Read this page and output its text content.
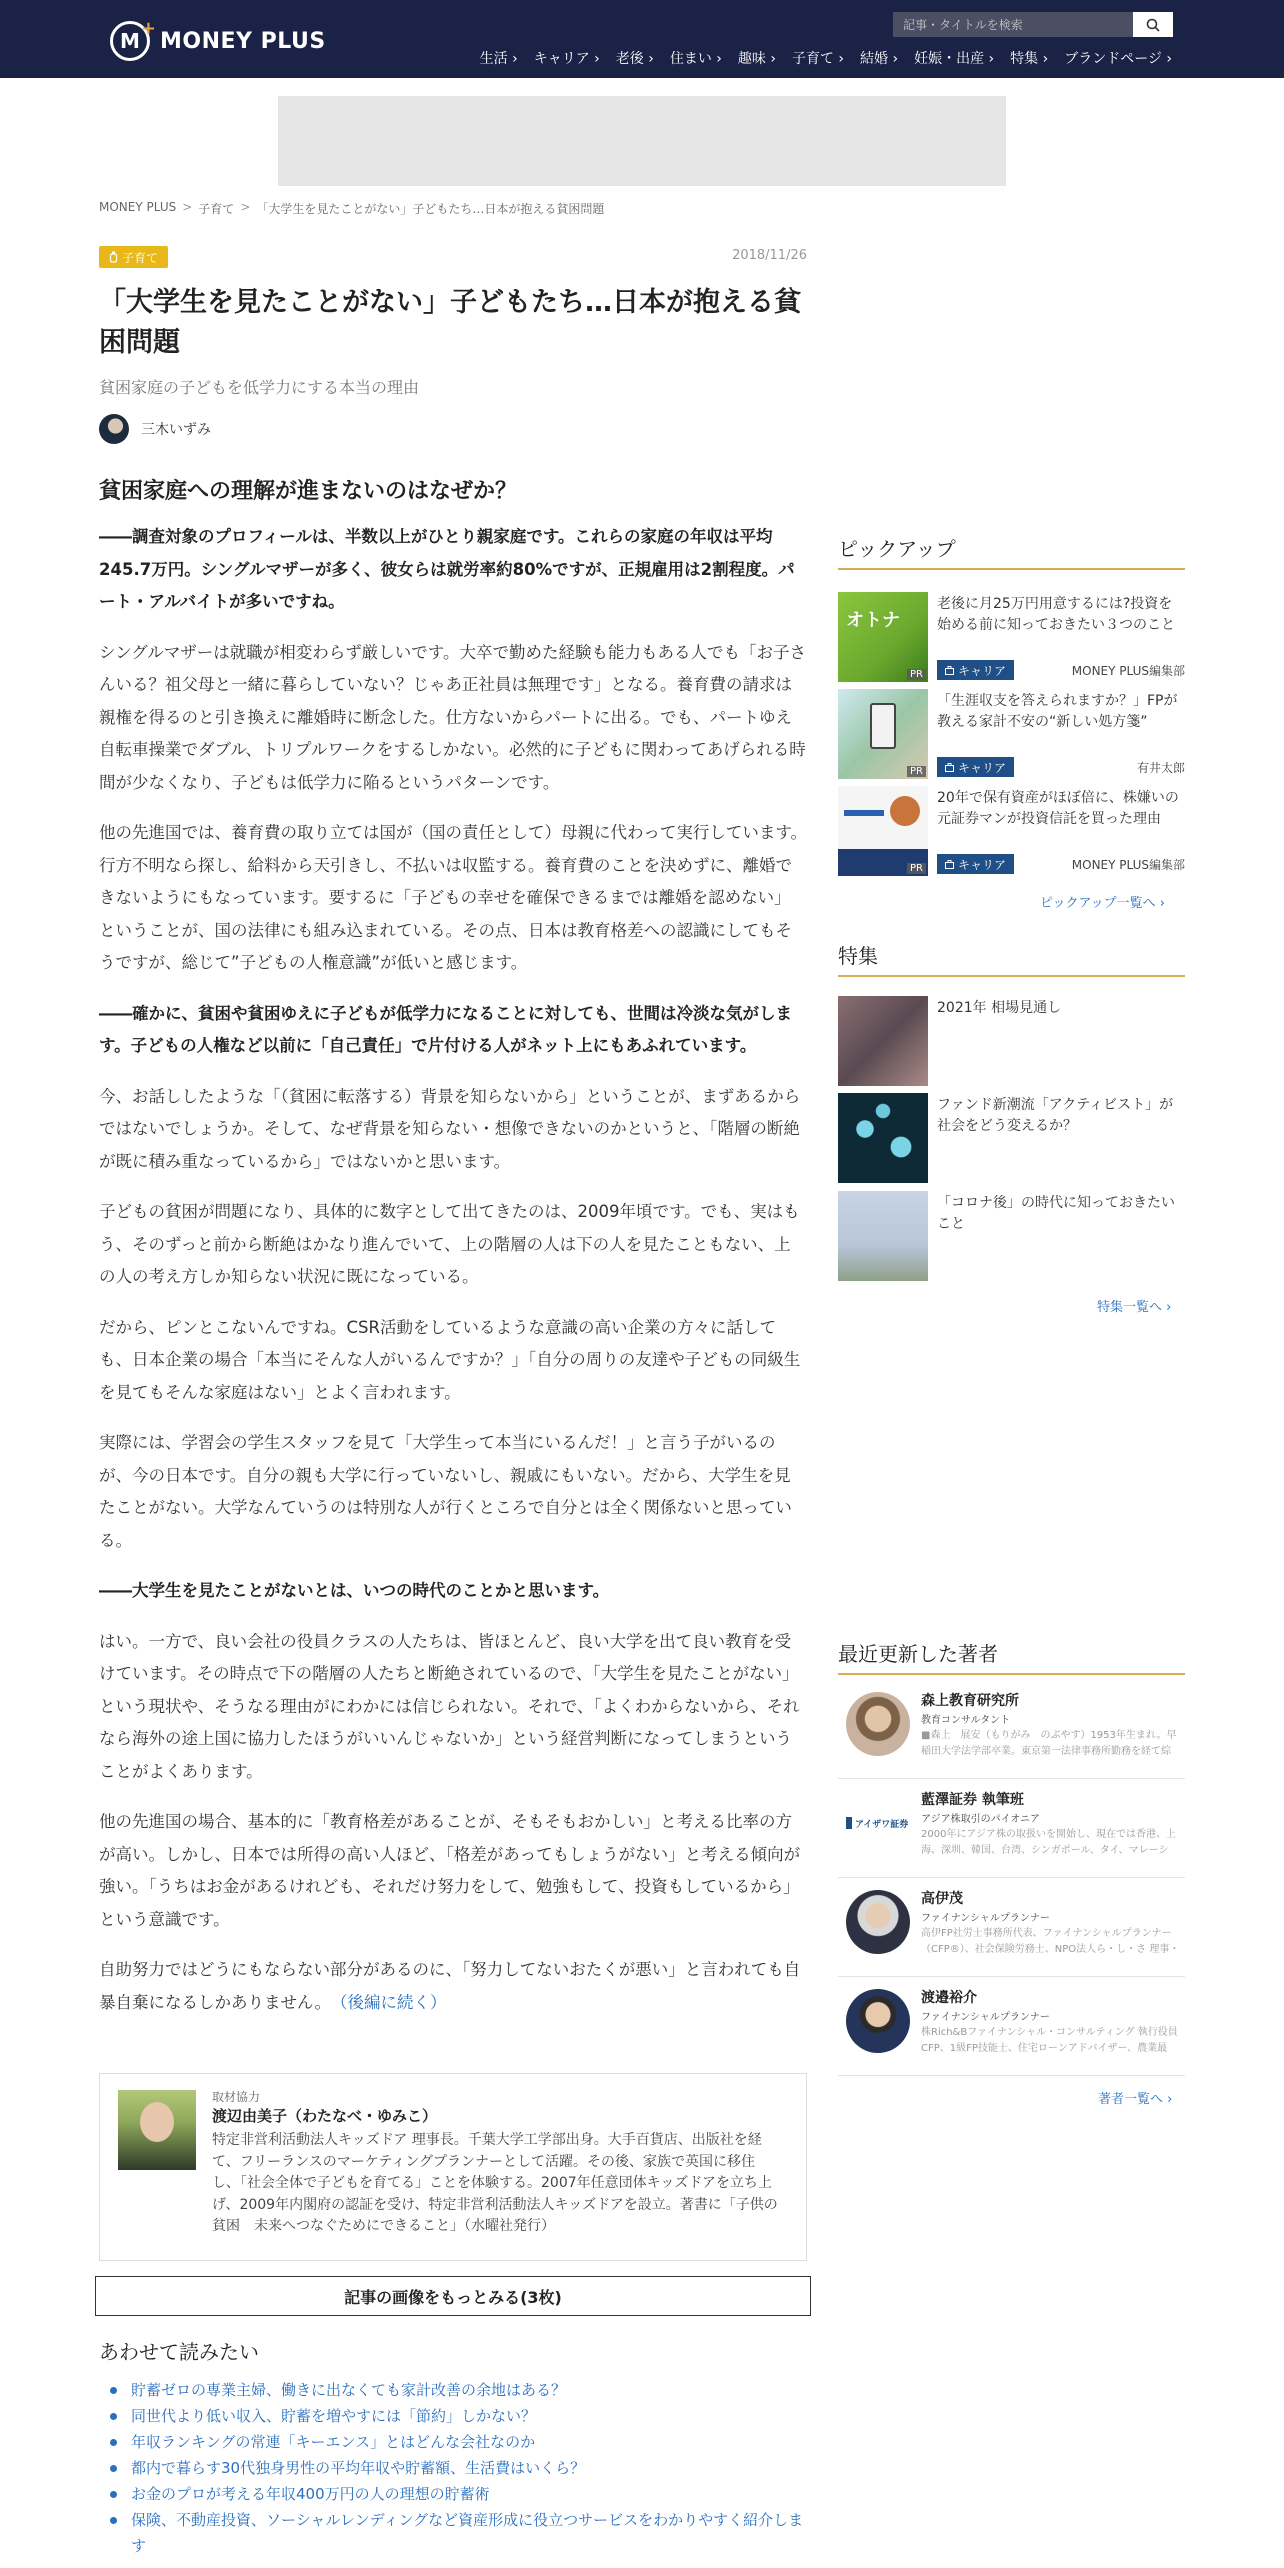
M
+ MONEY PLUS
記事・タイトルを検索
生活 ›	キャリア ›	老後 ›	住まい ›	趣味 ›	子育て ›	結婚 ›	妊娠・出産 ›	特集 ›	ブランドページ ›
MONEY PLUS > 子育て > 「大学生を見たことがない」子どもたち…日本が抱える貧困問題
子育て	2018/11/26
「大学生を見たことがない」子どもたち…日本が抱える貧困問題
貧困家庭の子どもを低学力にする本当の理由
三木いずみ
貧困家庭への理解が進まないのはなぜか？

――調査対象のプロフィールは、半数以上がひとり親家庭です。これらの家庭の年収は平均245.7万円。シングルマザーが多く、彼女らは就労率約80%ですが、正規雇用は2割程度。パート・アルバイトが多いですね。

シングルマザーは就職が相変わらず厳しいです。大卒で勤めた経験も能力もある人でも「お子さんいる？祖父母と一緒に暮らしていない？じゃあ正社員は無理です」となる。養育費の請求は親権を得るのと引き換えに離婚時に断念した。仕方ないからパートに出る。でも、パートゆえ自転車操業でダブル、トリプルワークをするしかない。必然的に子どもに関わってあげられる時間が少なくなり、子どもは低学力に陥るというパターンです。

他の先進国では、養育費の取り立ては国が（国の責任として）母親に代わって実行しています。行方不明なら探し、給料から天引きし、不払いは収監する。養育費のことを決めずに、離婚できないようにもなっています。要するに「子どもの幸せを確保できるまでは離婚を認めない」ということが、国の法律にも組み込まれている。その点、日本は教育格差への認識にしてもそうですが、総じて”子どもの人権意識”が低いと感じます。

――確かに、貧困や貧困ゆえに子どもが低学力になることに対しても、世間は冷淡な気がします。子どもの人権など以前に「自己責任」で片付ける人がネット上にもあふれています。

今、お話ししたような「（貧困に転落する）背景を知らないから」ということが、まずあるからではないでしょうか。そして、なぜ背景を知らない・想像できないのかというと、「階層の断絶が既に積み重なっているから」ではないかと思います。

子どもの貧困が問題になり、具体的に数字として出てきたのは、2009年頃です。でも、実はもう、そのずっと前から断絶はかなり進んでいて、上の階層の人は下の人を見たこともない、上の人の考え方しか知らない状況に既になっている。

だから、ピンとこないんですね。CSR活動をしているような意識の高い企業の方々に話しても、日本企業の場合「本当にそんな人がいるんですか？」「自分の周りの友達や子どもの同級生を見てもそんな家庭はない」とよく言われます。

実際には、学習会の学生スタッフを見て「大学生って本当にいるんだ！」と言う子がいるのが、今の日本です。自分の親も大学に行っていないし、親戚にもいない。だから、大学生を見たことがない。大学なんていうのは特別な人が行くところで自分とは全く関係ないと思っている。

――大学生を見たことがないとは、いつの時代のことかと思います。

はい。一方で、良い会社の役員クラスの人たちは、皆ほとんど、良い大学を出て良い教育を受けています。その時点で下の階層の人たちと断絶されているので、「大学生を見たことがない」という現状や、そうなる理由がにわかには信じられない。それで、「よくわからないから、それなら海外の途上国に協力したほうがいいんじゃないか」という経営判断になってしまうということがよくあります。

他の先進国の場合、基本的に「教育格差があることが、そもそもおかしい」と考える比率の方が高い。しかし、日本では所得の高い人ほど、「格差があってもしょうがない」と考える傾向が強い。「うちはお金があるけれども、それだけ努力をして、勉強もして、投資もしているから」という意識です。

自助努力ではどうにもならない部分があるのに、「努力してないおたくが悪い」と言われても自暴自棄になるしかありません。　 （後編に続く）

取材協力
渡辺由美子（わたなべ・ゆみこ）
特定非営利活動法人キッズドア 理事長。千葉大学工学部出身。大手百貨店、出版社を経て、フリーランスのマーケティングプランナーとして活躍。その後、家族で英国に移住し、「社会全体で子どもを育てる」ことを体験する。2007年任意団体キッズドアを立ち上げ、2009年内閣府の認証を受け、特定非営利活動法人キッズドアを設立。著書に「子供の貧困　未来へつなぐためにできること」（水曜社発行）
記事の画像をもっとみる(3枚)
あわせて読みたい
貯蓄ゼロの専業主婦、働きに出なくても家計改善の余地はある？
同世代より低い収入、貯蓄を増やすには「節約」しかない？
年収ランキングの常連「キーエンス」とはどんな会社なのか
都内で暮らす30代独身男性の平均年収や貯蓄額、生活費はいくら？
お金のプロが考える年収400万円の人の理想の貯蓄術
保険、不動産投資、ソーシャルレンディングなど資産形成に役立つサービスをわかりやすく紹介します
ピックアップ
オトナ
PR
老後に月25万円用意するには?投資を始める前に知っておきたい３つのこと
キャリア	MONEY PLUS編集部
PR
「生涯収支を答えられますか？」FPが教える家計不安の“新しい処方箋”
キャリア	有井太郎
PR
20年で保有資産がほぼ倍に、株嫌いの元証券マンが投資信託を買った理由
キャリア	MONEY PLUS編集部
ピックアップ一覧へ ›
特集
2021年 相場見通し
ファンド新潮流「アクティビスト」が社会をどう変えるか？
「コロナ後」の時代に知っておきたいこと
特集一覧へ ›
最近更新した著者
森上教育研究所
教育コンサルタント
■森上　展安（もりがみ　のぶやす）1953年生まれ。早稲田大学法学部卒業。東京第一法律事務所勤務を経て綜
アイザワ証券
藍澤証券 執筆班
アジア株取引のパイオニア
2000年にアジア株の取扱いを開始し、現在では香港、上海、深圳、韓国、台湾、シンガポール、タイ、マレーシ
高伊茂
ファイナンシャルプランナー
高伊FP社労士事務所代表、ファイナンシャルプランナー（CFP®）、社会保険労務士、NPO法人ら・し・さ 理事・
渡邉裕介
ファイナンシャルプランナー
株Rich&Bファイナンシャル・コンサルティング 執行役員CFP、1級FP技能士、住宅ローンアドバイザー、農業最
著者一覧へ ›
